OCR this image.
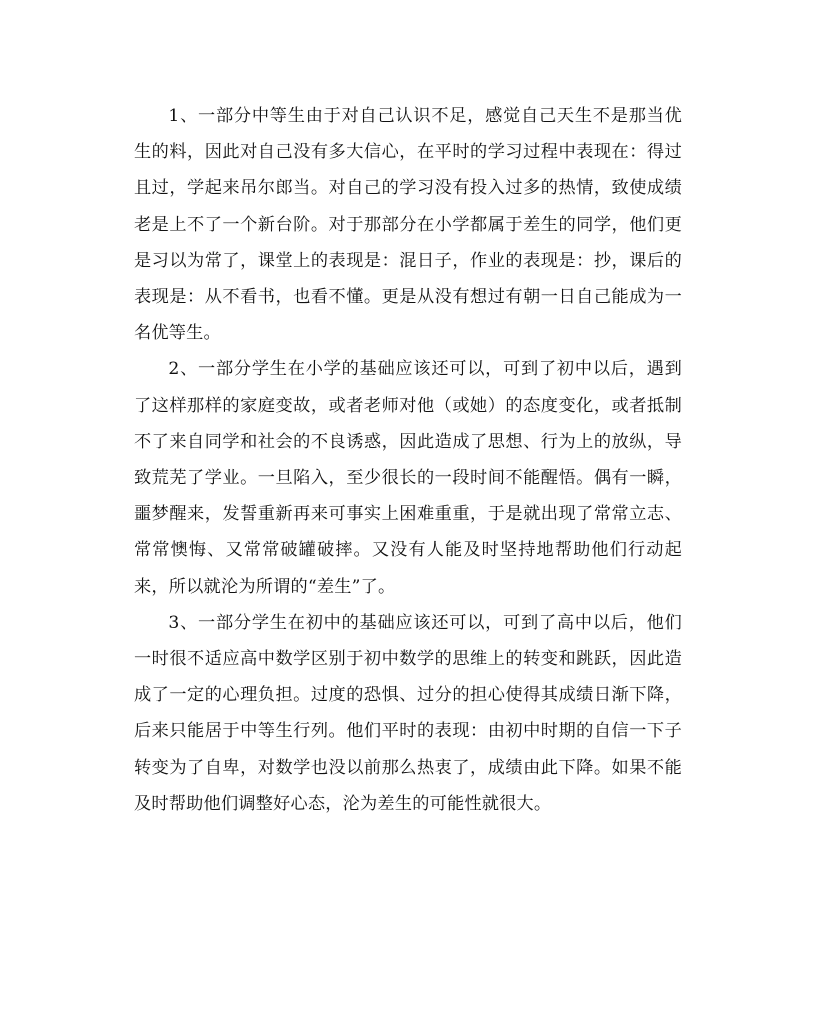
1、一部分中等生由于对自己认识不足，感觉自己天生不是那当优生的料，因此对自己没有多大信心，在平时的学习过程中表现在：得过且过，学起来吊尔郎当。对自己的学习没有投入过多的热情，致使成绩老是上不了一个新台阶。对于那部分在小学都属于差生的同学，他们更是习以为常了，课堂上的表现是：混日子，作业的表现是：抄，课后的表现是：从不看书，也看不懂。更是从没有想过有朝一日自己能成为一名优等生。

2、一部分学生在小学的基础应该还可以，可到了初中以后，遇到了这样那样的家庭变故，或者老师对他（或她）的态度变化，或者抵制不了来自同学和社会的不良诱惑，因此造成了思想、行为上的放纵，导致荒芜了学业。一旦陷入，至少很长的一段时间不能醒悟。偶有一瞬，噩梦醒来，发誓重新再来可事实上困难重重，于是就出现了常常立志、常常懊悔、又常常破罐破摔。又没有人能及时坚持地帮助他们行动起来，所以就沦为所谓的“差生”了。

3、一部分学生在初中的基础应该还可以，可到了高中以后，他们一时很不适应高中数学区别于初中数学的思维上的转变和跳跃，因此造成了一定的心理负担。过度的恐惧、过分的担心使得其成绩日渐下降，后来只能居于中等生行列。他们平时的表现：由初中时期的自信一下子转变为了自卑，对数学也没以前那么热衷了，成绩由此下降。如果不能及时帮助他们调整好心态，沦为差生的可能性就很大。
